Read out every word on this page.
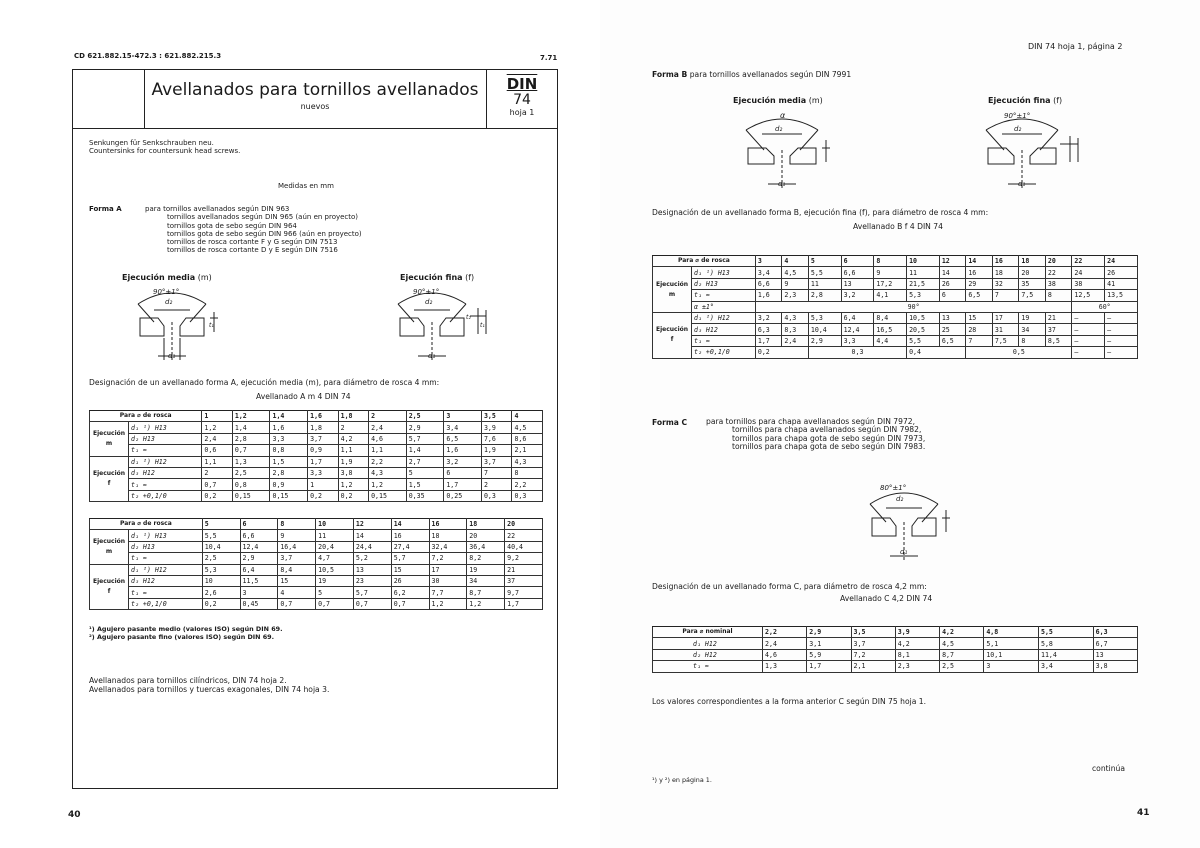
CD 621.882.15-472.3 : 621.882.215.3	7.71
Avellanados para tornillos avellanados
nuevos
DIN
74
hoja 1
Senkungen für Senkschrauben neu.
Countersinks for countersunk head screws.
Medidas en mm
Forma A	para tornillos avellanados según DIN 963
tornillos avellanados según DIN 965 (aún en proyecto)
tornillos gota de sebo según DIN 964
tornillos gota de sebo según DIN 966 (aún en proyecto)
tornillos de rosca cortante F y G según DIN 7513
tornillos de rosca cortante D y E según DIN 7516
Ejecución media (m)	Ejecución fina (f)
90°±1°
d₂
d₁
t₁
90°±1°
d₂
d₁
t₂
t₁
Designación de un avellanado forma A, ejecución media (m), para diámetro de rosca 4 mm:
Avellanado A m 4 DIN 74
Para ⌀ de rosca		1	1,2	1,4	1,6	1,8	2	2,5	3	3,5	4
Ejecución m	d₁ ¹) H13	1,2	1,4	1,6	1,8	2	2,4	2,9	3,4	3,9	4,5
	d₂ H13	2,4	2,8	3,3	3,7	4,2	4,6	5,7	6,5	7,6	8,6
	t₁ ≈	0,6	0,7	0,8	0,9	1,1	1,1	1,4	1,6	1,9	2,1
Ejecución f	d₁ ²) H12	1,1	1,3	1,5	1,7	1,9	2,2	2,7	3,2	3,7	4,3
	d₃ H12	2	2,5	2,8	3,3	3,8	4,3	5	6	7	8
	t₁ ≈	0,7	0,8	0,9	1	1,2	1,2	1,5	1,7	2	2,2
	t₂ +0,1/0	0,2	0,15	0,15	0,2	0,2	0,15	0,35	0,25	0,3	0,3
Para ⌀ de rosca		5	6	8	10	12	14	16	18	20
Ejecución m	d₁ ¹) H13	5,5	6,6	9	11	14	16	18	20	22
	d₂ H13	10,4	12,4	16,4	20,4	24,4	27,4	32,4	36,4	40,4
	t₁ ≈	2,5	2,9	3,7	4,7	5,2	5,7	7,2	8,2	9,2
Ejecución f	d₁ ²) H12	5,3	6,4	8,4	10,5	13	15	17	19	21
	d₃ H12	10	11,5	15	19	23	26	30	34	37
	t₁ ≈	2,6	3	4	5	5,7	6,2	7,7	8,7	9,7
	t₂ +0,1/0	0,2	0,45	0,7	0,7	0,7	0,7	1,2	1,2	1,7
¹) Agujero pasante medio (valores ISO) según DIN 69.
²) Agujero pasante fino (valores ISO) según DIN 69.
Avellanados para tornillos cilíndricos, DIN 74 hoja 2.
Avellanados para tornillos y tuercas exagonales, DIN 74 hoja 3.
40
DIN 74 hoja 1, página 2
Forma B para tornillos avellanados según DIN 7991
Ejecución media (m)	Ejecución fina (f)
α
d₂
d₁
90°±1°
d₂
d₁
Designación de un avellanado forma B, ejecución fina (f), para diámetro de rosca 4 mm:
Avellanado B f 4 DIN 74
Para ⌀ de rosca		3	4	5	6	8	10	12	14	16	18	20	22	24
Ejecución m	d₁ ¹) H13	3,4	4,5	5,5	6,6	9	11	14	16	18	20	22	24	26
	d₂ H13	6,6	9	11	13	17,2	21,5	26	29	32	35	38	38	41
	t₁ ≈	1,6	2,3	2,8	3,2	4,1	5,3	6	6,5	7	7,5	8	12,5	13,5
	α ±1°	90°											60°	
Ejecución f	d₁ ²) H12	3,2	4,3	5,3	6,4	8,4	10,5	13	15	17	19	21	—	—
	d₃ H12	6,3	8,3	10,4	12,4	16,5	20,5	25	28	31	34	37	—	—
	t₁ ≈	1,7	2,4	2,9	3,3	4,4	5,5	6,5	7	7,5	8	8,5	—	—
	t₂ +0,1/0	0,2		0,3			0,4		0,5				—	—
Forma C para tornillos para chapa avellanados según DIN 7972,
tornillos para chapa avellanados según DIN 7982,
tornillos para chapa gota de sebo según DIN 7973,
tornillos para chapa gota de sebo según DIN 7983.
80°±1°
d₂
d₁
Designación de un avellanado forma C, para diámetro de rosca 4,2 mm:
Avellanado C 4,2 DIN 74
Para ⌀ nominal	2,2	2,9	3,5	3,9	4,2	4,8	5,5	6,3
d₁ H12	2,4	3,1	3,7	4,2	4,5	5,1	5,8	6,7
d₂ H12	4,6	5,9	7,2	8,1	8,7	10,1	11,4	13
t₁ ≈	1,3	1,7	2,1	2,3	2,5	3	3,4	3,8
Los valores correspondientes a la forma anterior C según DIN 75 hoja 1.
continúa
¹) y ²) en página 1.
41
